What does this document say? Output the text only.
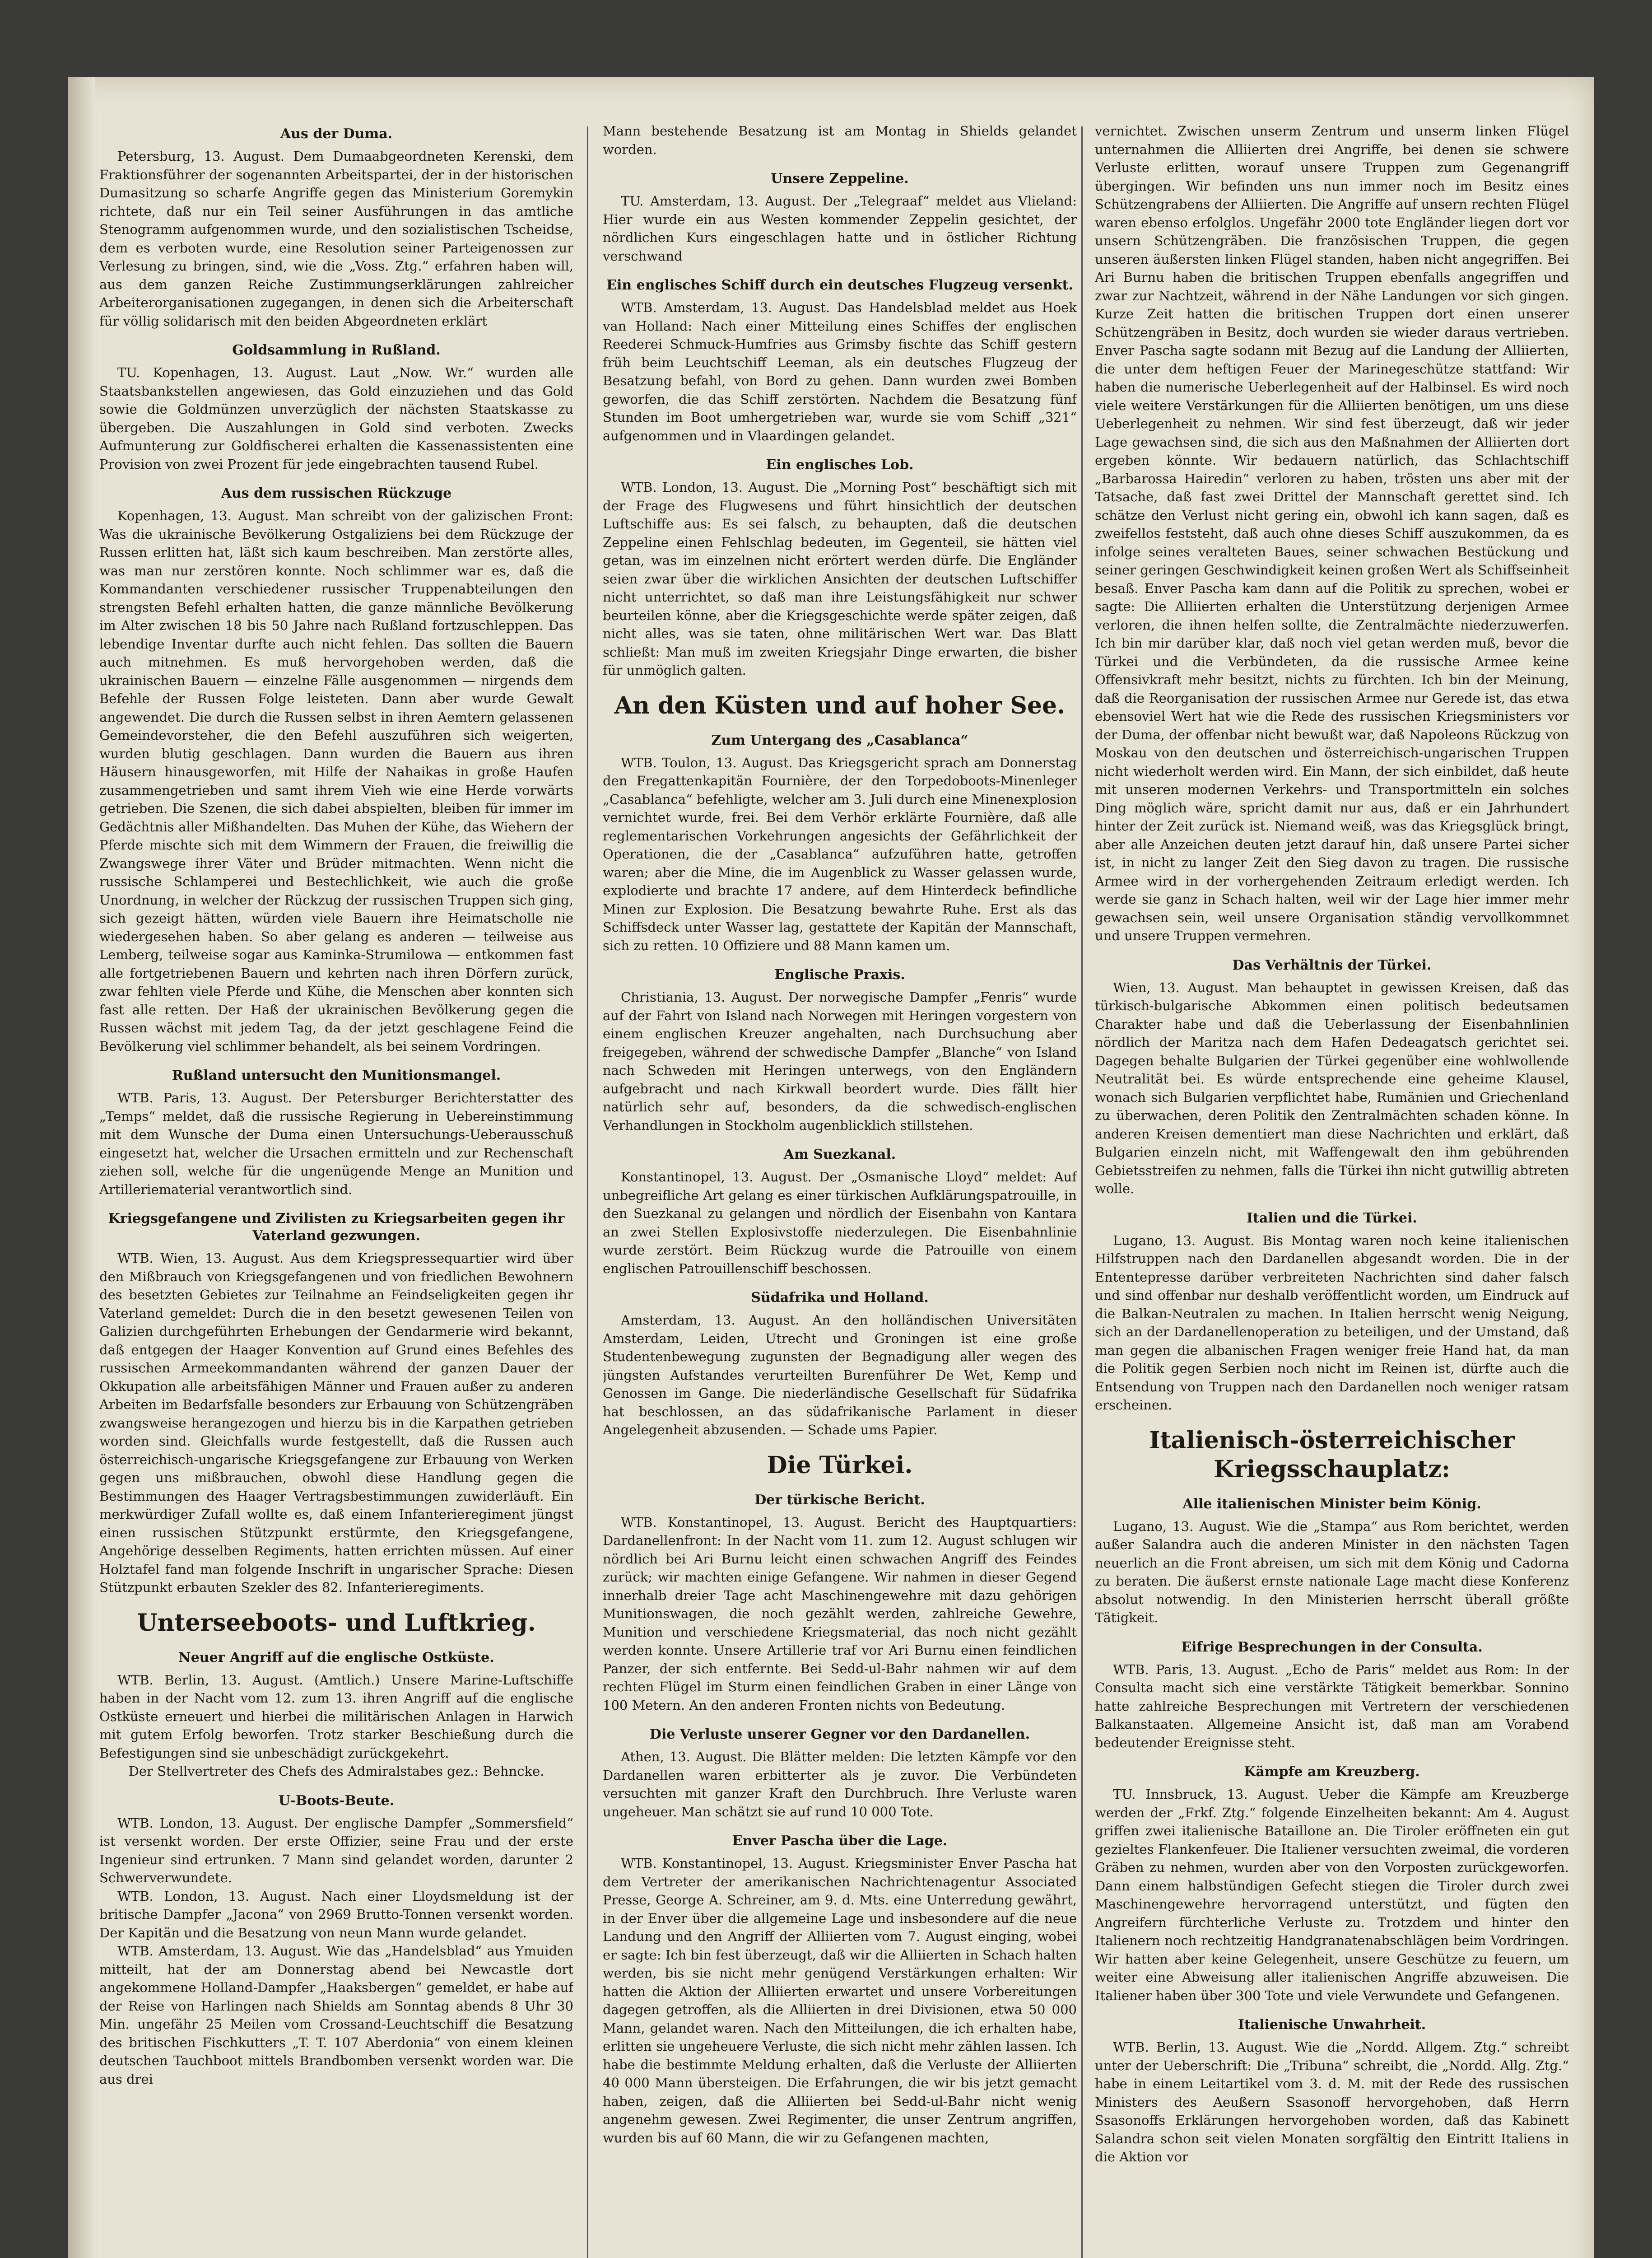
Aus der Duma.

Petersburg, 13. August. Dem Dumaabgeordneten Kerenski, dem Fraktionsführer der sogenannten Arbeitspartei, der in der historischen Dumasitzung so scharfe Angriffe gegen das Ministerium Goremykin richtete, daß nur ein Teil seiner Ausführungen in das amtliche Stenogramm aufgenommen wurde, und den sozialistischen Tscheidse, dem es verboten wurde, eine Resolution seiner Parteigenossen zur Verlesung zu bringen, sind, wie die „Voss. Ztg.“ erfahren haben will, aus dem ganzen Reiche Zustimmungserklärungen zahlreicher Arbeiterorganisationen zugegangen, in denen sich die Arbeiterschaft für völlig solidarisch mit den beiden Abgeordneten erklärt

Goldsammlung in Rußland.

TU. Kopenhagen, 13. August. Laut „Now. Wr.“ wurden alle Staatsbankstellen angewiesen, das Gold einzuziehen und das Gold sowie die Goldmünzen unverzüglich der nächsten Staatskasse zu übergeben. Die Auszahlungen in Gold sind verboten. Zwecks Aufmunterung zur Goldfischerei erhalten die Kassenassistenten eine Provision von zwei Prozent für jede eingebrachten tausend Rubel.

Aus dem russischen Rückzuge

Kopenhagen, 13. August. Man schreibt von der galizischen Front: Was die ukrainische Bevölkerung Ostgaliziens bei dem Rückzuge der Russen erlitten hat, läßt sich kaum beschreiben. Man zerstörte alles, was man nur zerstören konnte. Noch schlimmer war es, daß die Kommandanten verschiedener russischer Truppenabteilungen den strengsten Befehl erhalten hatten, die ganze männliche Bevölkerung im Alter zwischen 18 bis 50 Jahre nach Rußland fortzuschleppen. Das lebendige Inventar durfte auch nicht fehlen. Das sollten die Bauern auch mitnehmen. Es muß hervorgehoben werden, daß die ukrainischen Bauern — einzelne Fälle ausgenommen — nirgends dem Befehle der Russen Folge leisteten. Dann aber wurde Gewalt angewendet. Die durch die Russen selbst in ihren Aemtern gelassenen Gemeindevorsteher, die den Befehl auszuführen sich weigerten, wurden blutig geschlagen. Dann wurden die Bauern aus ihren Häusern hinausgeworfen, mit Hilfe der Nahaikas in große Haufen zusammengetrieben und samt ihrem Vieh wie eine Herde vorwärts getrieben. Die Szenen, die sich dabei abspielten, bleiben für immer im Gedächtnis aller Mißhandelten. Das Muhen der Kühe, das Wiehern der Pferde mischte sich mit dem Wimmern der Frauen, die freiwillig die Zwangswege ihrer Väter und Brüder mitmachten. Wenn nicht die russische Schlamperei und Bestechlichkeit, wie auch die große Unordnung, in welcher der Rückzug der russischen Truppen sich ging, sich gezeigt hätten, würden viele Bauern ihre Heimatscholle nie wiedergesehen haben. So aber gelang es anderen — teilweise aus Lemberg, teilweise sogar aus Kaminka-Strumilowa — entkommen fast alle fortgetriebenen Bauern und kehrten nach ihren Dörfern zurück, zwar fehlten viele Pferde und Kühe, die Menschen aber konnten sich fast alle retten. Der Haß der ukrainischen Bevölkerung gegen die Russen wächst mit jedem Tag, da der jetzt geschlagene Feind die Bevölkerung viel schlimmer behandelt, als bei seinem Vordringen.

Rußland untersucht den Munitionsmangel.

WTB. Paris, 13. August. Der Petersburger Berichterstatter des „Temps“ meldet, daß die russische Regierung in Uebereinstimmung mit dem Wunsche der Duma einen Untersuchungs-Ueberausschuß eingesetzt hat, welcher die Ursachen ermitteln und zur Rechenschaft ziehen soll, welche für die ungenügende Menge an Munition und Artilleriematerial verantwortlich sind.

Kriegsgefangene und Zivilisten zu Kriegsarbeiten gegen ihr Vaterland gezwungen.

WTB. Wien, 13. August. Aus dem Kriegspressequartier wird über den Mißbrauch von Kriegsgefangenen und von friedlichen Bewohnern des besetzten Gebietes zur Teilnahme an Feindseligkeiten gegen ihr Vaterland gemeldet: Durch die in den besetzt gewesenen Teilen von Galizien durchgeführten Erhebungen der Gendarmerie wird bekannt, daß entgegen der Haager Konvention auf Grund eines Befehles des russischen Armeekommandanten während der ganzen Dauer der Okkupation alle arbeitsfähigen Männer und Frauen außer zu anderen Arbeiten im Bedarfsfalle besonders zur Erbauung von Schützengräben zwangsweise herangezogen und hierzu bis in die Karpathen getrieben worden sind. Gleichfalls wurde festgestellt, daß die Russen auch österreichisch-ungarische Kriegsgefangene zur Erbauung von Werken gegen uns mißbrauchen, obwohl diese Handlung gegen die Bestimmungen des Haager Vertragsbestimmungen zuwiderläuft. Ein merkwürdiger Zufall wollte es, daß einem Infanterieregiment jüngst einen russischen Stützpunkt erstürmte, den Kriegsgefangene, Angehörige desselben Regiments, hatten errichten müssen. Auf einer Holztafel fand man folgende Inschrift in ungarischer Sprache: Diesen Stützpunkt erbauten Szekler des 82. Infanterieregiments.

Unterseeboots- und Luftkrieg.
Neuer Angriff auf die englische Ostküste.

WTB. Berlin, 13. August. (Amtlich.) Unsere Marine-Luftschiffe haben in der Nacht vom 12. zum 13. ihren Angriff auf die englische Ostküste erneuert und hierbei die militärischen Anlagen in Harwich mit gutem Erfolg beworfen. Trotz starker Beschießung durch die Befestigungen sind sie unbeschädigt zurückgekehrt.

Der Stellvertreter des Chefs des Admiralstabes gez.: Behncke.

U-Boots-Beute.

WTB. London, 13. August. Der englische Dampfer „Sommersfield“ ist versenkt worden. Der erste Offizier, seine Frau und der erste Ingenieur sind ertrunken. 7 Mann sind gelandet worden, darunter 2 Schwerverwundete.

WTB. London, 13. August. Nach einer Lloydsmeldung ist der britische Dampfer „Jacona“ von 2969 Brutto-Tonnen versenkt worden. Der Kapitän und die Besatzung von neun Mann wurde gelandet.

WTB. Amsterdam, 13. August. Wie das „Handelsblad“ aus Ymuiden mitteilt, hat der am Donnerstag abend bei Newcastle dort angekommene Holland-Dampfer „Haaksbergen“ gemeldet, er habe auf der Reise von Harlingen nach Shields am Sonntag abends 8 Uhr 30 Min. ungefähr 25 Meilen vom Crossand-Leuchtschiff die Besatzung des britischen Fischkutters „T. T. 107 Aberdonia“ von einem kleinen deutschen Tauchboot mittels Brandbomben versenkt worden war. Die aus drei

Mann bestehende Besatzung ist am Montag in Shields gelandet worden.

Unsere Zeppeline.

TU. Amsterdam, 13. August. Der „Telegraaf“ meldet aus Vlieland: Hier wurde ein aus Westen kommender Zeppelin gesichtet, der nördlichen Kurs eingeschlagen hatte und in östlicher Richtung verschwand

Ein englisches Schiff durch ein deutsches Flugzeug versenkt.

WTB. Amsterdam, 13. August. Das Handelsblad meldet aus Hoek van Holland: Nach einer Mitteilung eines Schiffes der englischen Reederei Schmuck-Humfries aus Grimsby fischte das Schiff gestern früh beim Leuchtschiff Leeman, als ein deutsches Flugzeug der Besatzung befahl, von Bord zu gehen. Dann wurden zwei Bomben geworfen, die das Schiff zerstörten. Nachdem die Besatzung fünf Stunden im Boot umhergetrieben war, wurde sie vom Schiff „321“ aufgenommen und in Vlaardingen gelandet.

Ein englisches Lob.

WTB. London, 13. August. Die „Morning Post“ beschäftigt sich mit der Frage des Flugwesens und führt hinsichtlich der deutschen Luftschiffe aus: Es sei falsch, zu behaupten, daß die deutschen Zeppeline einen Fehlschlag bedeuten, im Gegenteil, sie hätten viel getan, was im einzelnen nicht erörtert werden dürfe. Die Engländer seien zwar über die wirklichen Ansichten der deutschen Luftschiffer nicht unterrichtet, so daß man ihre Leistungsfähigkeit nur schwer beurteilen könne, aber die Kriegsgeschichte werde später zeigen, daß nicht alles, was sie taten, ohne militärischen Wert war. Das Blatt schließt: Man muß im zweiten Kriegsjahr Dinge erwarten, die bisher für unmöglich galten.

An den Küsten und auf hoher See.
Zum Untergang des „Casablanca“

WTB. Toulon, 13. August. Das Kriegsgericht sprach am Donnerstag den Fregattenkapitän Fournière, der den Torpedoboots-Minenleger „Casablanca“ befehligte, welcher am 3. Juli durch eine Minenexplosion vernichtet wurde, frei. Bei dem Verhör erklärte Fournière, daß alle reglementarischen Vorkehrungen angesichts der Gefährlichkeit der Operationen, die der „Casablanca“ aufzuführen hatte, getroffen waren; aber die Mine, die im Augenblick zu Wasser gelassen wurde, explodierte und brachte 17 andere, auf dem Hinterdeck befindliche Minen zur Explosion. Die Besatzung bewahrte Ruhe. Erst als das Schiffsdeck unter Wasser lag, gestattete der Kapitän der Mannschaft, sich zu retten. 10 Offiziere und 88 Mann kamen um.

Englische Praxis.

Christiania, 13. August. Der norwegische Dampfer „Fenris“ wurde auf der Fahrt von Island nach Norwegen mit Heringen vorgestern von einem englischen Kreuzer angehalten, nach Durchsuchung aber freigegeben, während der schwedische Dampfer „Blanche“ von Island nach Schweden mit Heringen unterwegs, von den Engländern aufgebracht und nach Kirkwall beordert wurde. Dies fällt hier natürlich sehr auf, besonders, da die schwedisch-englischen Verhandlungen in Stockholm augenblicklich stillstehen.

Am Suezkanal.

Konstantinopel, 13. August. Der „Osmanische Lloyd“ meldet: Auf unbegreifliche Art gelang es einer türkischen Aufklärungspatrouille, in den Suezkanal zu gelangen und nördlich der Eisenbahn von Kantara an zwei Stellen Explosivstoffe niederzulegen. Die Eisenbahnlinie wurde zerstört. Beim Rückzug wurde die Patrouille von einem englischen Patrouillenschiff beschossen.

Südafrika und Holland.

Amsterdam, 13. August. An den holländischen Universitäten Amsterdam, Leiden, Utrecht und Groningen ist eine große Studentenbewegung zugunsten der Begnadigung aller wegen des jüngsten Aufstandes verurteilten Burenführer De Wet, Kemp und Genossen im Gange. Die niederländische Gesellschaft für Südafrika hat beschlossen, an das südafrikanische Parlament in dieser Angelegenheit abzusenden. — Schade ums Papier.

Die Türkei.
Der türkische Bericht.

WTB. Konstantinopel, 13. August. Bericht des Hauptquartiers: Dardanellenfront: In der Nacht vom 11. zum 12. August schlugen wir nördlich bei Ari Burnu leicht einen schwachen Angriff des Feindes zurück; wir machten einige Gefangene. Wir nahmen in dieser Gegend innerhalb dreier Tage acht Maschinengewehre mit dazu gehörigen Munitionswagen, die noch gezählt werden, zahlreiche Gewehre, Munition und verschiedene Kriegsmaterial, das noch nicht gezählt werden konnte. Unsere Artillerie traf vor Ari Burnu einen feindlichen Panzer, der sich entfernte. Bei Sedd-ul-Bahr nahmen wir auf dem rechten Flügel im Sturm einen feindlichen Graben in einer Länge von 100 Metern. An den anderen Fronten nichts von Bedeutung.

Die Verluste unserer Gegner vor den Dardanellen.

Athen, 13. August. Die Blätter melden: Die letzten Kämpfe vor den Dardanellen waren erbitterter als je zuvor. Die Verbündeten versuchten mit ganzer Kraft den Durchbruch. Ihre Verluste waren ungeheuer. Man schätzt sie auf rund 10 000 Tote.

Enver Pascha über die Lage.

WTB. Konstantinopel, 13. August. Kriegsminister Enver Pascha hat dem Vertreter der amerikanischen Nachrichtenagentur Associated Presse, George A. Schreiner, am 9. d. Mts. eine Unterredung gewährt, in der Enver über die allgemeine Lage und insbesondere auf die neue Landung und den Angriff der Alliierten vom 7. August einging, wobei er sagte: Ich bin fest überzeugt, daß wir die Alliierten in Schach halten werden, bis sie nicht mehr genügend Verstärkungen erhalten: Wir hatten die Aktion der Alliierten erwartet und unsere Vorbereitungen dagegen getroffen, als die Alliierten in drei Divisionen, etwa 50 000 Mann, gelandet waren. Nach den Mitteilungen, die ich erhalten habe, erlitten sie ungeheuere Verluste, die sich nicht mehr zählen lassen. Ich habe die bestimmte Meldung erhalten, daß die Verluste der Alliierten 40 000 Mann übersteigen. Die Erfahrungen, die wir bis jetzt gemacht haben, zeigen, daß die Alliierten bei Sedd-ul-Bahr nicht wenig angenehm gewesen. Zwei Regimenter, die unser Zentrum angriffen, wurden bis auf 60 Mann, die wir zu Gefangenen machten,

vernichtet. Zwischen unserm Zentrum und unserm linken Flügel unternahmen die Alliierten drei Angriffe, bei denen sie schwere Verluste erlitten, worauf unsere Truppen zum Gegenangriff übergingen. Wir befinden uns nun immer noch im Besitz eines Schützengrabens der Alliierten. Die Angriffe auf unsern rechten Flügel waren ebenso erfolglos. Ungefähr 2000 tote Engländer liegen dort vor unsern Schützengräben. Die französischen Truppen, die gegen unseren äußersten linken Flügel standen, haben nicht angegriffen. Bei Ari Burnu haben die britischen Truppen ebenfalls angegriffen und zwar zur Nachtzeit, während in der Nähe Landungen vor sich gingen. Kurze Zeit hatten die britischen Truppen dort einen unserer Schützengräben in Besitz, doch wurden sie wieder daraus vertrieben. Enver Pascha sagte sodann mit Bezug auf die Landung der Alliierten, die unter dem heftigen Feuer der Marinegeschütze stattfand: Wir haben die numerische Ueberlegenheit auf der Halbinsel. Es wird noch viele weitere Verstärkungen für die Alliierten benötigen, um uns diese Ueberlegenheit zu nehmen. Wir sind fest überzeugt, daß wir jeder Lage gewachsen sind, die sich aus den Maßnahmen der Alliierten dort ergeben könnte. Wir bedauern natürlich, das Schlachtschiff „Barbarossa Hairedin“ verloren zu haben, trösten uns aber mit der Tatsache, daß fast zwei Drittel der Mannschaft gerettet sind. Ich schätze den Verlust nicht gering ein, obwohl ich kann sagen, daß es zweifellos feststeht, daß auch ohne dieses Schiff auszukommen, da es infolge seines veralteten Baues, seiner schwachen Bestückung und seiner geringen Geschwindigkeit keinen großen Wert als Schiffseinheit besaß. Enver Pascha kam dann auf die Politik zu sprechen, wobei er sagte: Die Alliierten erhalten die Unterstützung derjenigen Armee verloren, die ihnen helfen sollte, die Zentralmächte niederzuwerfen. Ich bin mir darüber klar, daß noch viel getan werden muß, bevor die Türkei und die Verbündeten, da die russische Armee keine Offensivkraft mehr besitzt, nichts zu fürchten. Ich bin der Meinung, daß die Reorganisation der russischen Armee nur Gerede ist, das etwa ebensoviel Wert hat wie die Rede des russischen Kriegsministers vor der Duma, der offenbar nicht bewußt war, daß Napoleons Rückzug von Moskau von den deutschen und österreichisch-ungarischen Truppen nicht wiederholt werden wird. Ein Mann, der sich einbildet, daß heute mit unseren modernen Verkehrs- und Transportmitteln ein solches Ding möglich wäre, spricht damit nur aus, daß er ein Jahrhundert hinter der Zeit zurück ist. Niemand weiß, was das Kriegsglück bringt, aber alle Anzeichen deuten jetzt darauf hin, daß unsere Partei sicher ist, in nicht zu langer Zeit den Sieg davon zu tragen. Die russische Armee wird in der vorhergehenden Zeitraum erledigt werden. Ich werde sie ganz in Schach halten, weil wir der Lage hier immer mehr gewachsen sein, weil unsere Organisation ständig vervollkommnet und unsere Truppen vermehren.

Das Verhältnis der Türkei.

Wien, 13. August. Man behauptet in gewissen Kreisen, daß das türkisch-bulgarische Abkommen einen politisch bedeutsamen Charakter habe und daß die Ueberlassung der Eisenbahnlinien nördlich der Maritza nach dem Hafen Dedeagatsch gerichtet sei. Dagegen behalte Bulgarien der Türkei gegenüber eine wohlwollende Neutralität bei. Es würde entsprechende eine geheime Klausel, wonach sich Bulgarien verpflichtet habe, Rumänien und Griechenland zu überwachen, deren Politik den Zentralmächten schaden könne. In anderen Kreisen dementiert man diese Nachrichten und erklärt, daß Bulgarien einzeln nicht, mit Waffengewalt den ihm gebührenden Gebietsstreifen zu nehmen, falls die Türkei ihn nicht gutwillig abtreten wolle.

Italien und die Türkei.

Lugano, 13. August. Bis Montag waren noch keine italienischen Hilfstruppen nach den Dardanellen abgesandt worden. Die in der Ententepresse darüber verbreiteten Nachrichten sind daher falsch und sind offenbar nur deshalb veröffentlicht worden, um Eindruck auf die Balkan-Neutralen zu machen. In Italien herrscht wenig Neigung, sich an der Dardanellenoperation zu beteiligen, und der Umstand, daß man gegen die albanischen Fragen weniger freie Hand hat, da man die Politik gegen Serbien noch nicht im Reinen ist, dürfte auch die Entsendung von Truppen nach den Dardanellen noch weniger ratsam erscheinen.

Italienisch-österreichischer Kriegsschauplatz:
Alle italienischen Minister beim König.

Lugano, 13. August. Wie die „Stampa“ aus Rom berichtet, werden außer Salandra auch die anderen Minister in den nächsten Tagen neuerlich an die Front abreisen, um sich mit dem König und Cadorna zu beraten. Die äußerst ernste nationale Lage macht diese Konferenz absolut notwendig. In den Ministerien herrscht überall größte Tätigkeit.

Eifrige Besprechungen in der Consulta.

WTB. Paris, 13. August. „Echo de Paris“ meldet aus Rom: In der Consulta macht sich eine verstärkte Tätigkeit bemerkbar. Sonnino hatte zahlreiche Besprechungen mit Vertretern der verschiedenen Balkanstaaten. Allgemeine Ansicht ist, daß man am Vorabend bedeutender Ereignisse steht.

Kämpfe am Kreuzberg.

TU. Innsbruck, 13. August. Ueber die Kämpfe am Kreuzberge werden der „Frkf. Ztg.“ folgende Einzelheiten bekannt: Am 4. August griffen zwei italienische Bataillone an. Die Tiroler eröffneten ein gut gezieltes Flankenfeuer. Die Italiener versuchten zweimal, die vorderen Gräben zu nehmen, wurden aber von den Vorposten zurückgeworfen. Dann einem halbstündigen Gefecht stiegen die Tiroler durch zwei Maschinengewehre hervorragend unterstützt, und fügten den Angreifern fürchterliche Verluste zu. Trotzdem und hinter den Italienern noch rechtzeitig Handgranatenabschlägen beim Vordringen. Wir hatten aber keine Gelegenheit, unsere Geschütze zu feuern, um weiter eine Abweisung aller italienischen Angriffe abzuweisen. Die Italiener haben über 300 Tote und viele Verwundete und Gefangenen.

Italienische Unwahrheit.

WTB. Berlin, 13. August. Wie die „Nordd. Allgem. Ztg.“ schreibt unter der Ueberschrift: Die „Tribuna“ schreibt, die „Nordd. Allg. Ztg.“ habe in einem Leitartikel vom 3. d. M. mit der Rede des russischen Ministers des Aeußern Ssasonoff hervorgehoben, daß Herrn Ssasonoffs Erklärungen hervorgehoben worden, daß das Kabinett Salandra schon seit vielen Monaten sorgfältig den Eintritt Italiens in die Aktion vor
